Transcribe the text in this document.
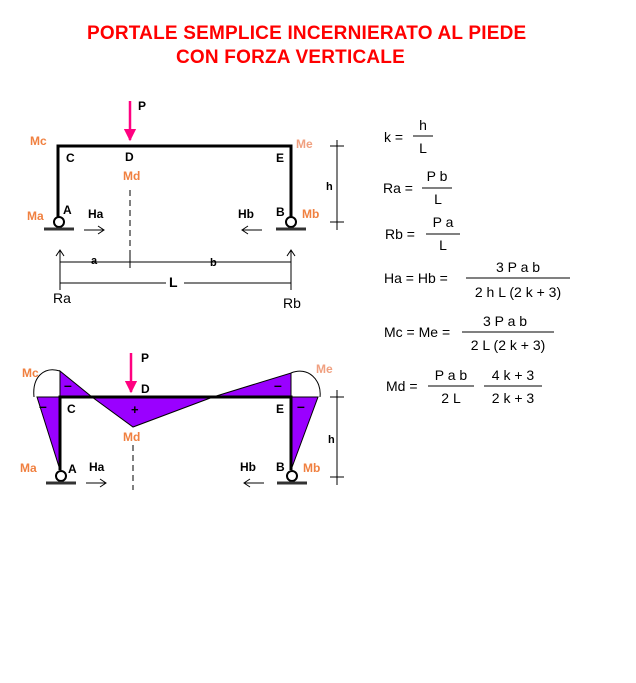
PORTALE SEMPLICE INCERNIERATO AL PIEDE
CON FORZA VERTICALE
P
C	D	E
A	B
Mc	Me
Md
Ma	Mb
Ha	Hb
Ra	Rb
a	b
L
h
k =
h
L
Ra =
P b
L
Rb =
P a
L
Ha = Hb =
3 P a b
2 h L (2 k + 3)
Mc = Me =
3 P a b
2 L (2 k + 3)
Md =
P a b
2 L
4 k + 3
2 k + 3
P
–	–
–	–
+
C
D
E
A	B
Mc	Me
Md
Ma	Mb
Ha	Hb
h
